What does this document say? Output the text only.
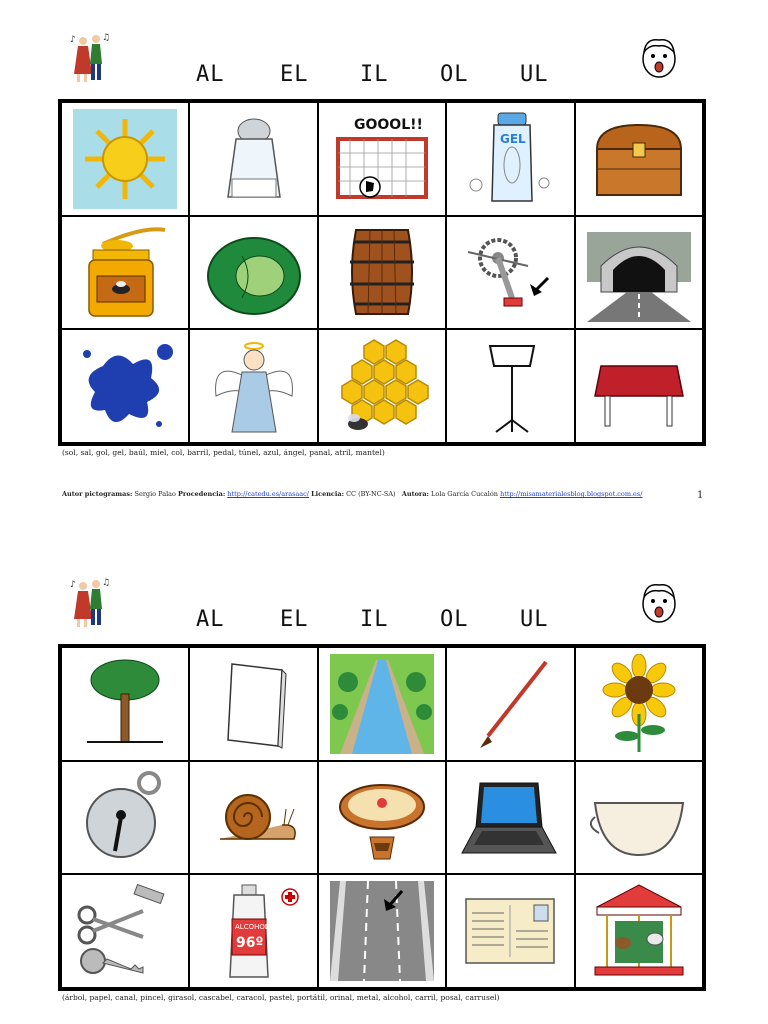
♪	♫
AL	EL	IL	OL	UL
GOOOL!!
GEL
(sol, sal, gol, gel, baúl, miel, col, barril, pedal, túnel, azul, ángel, panal, atril, mantel)
Autor pictogramas: Sergio Palao Procedencia: http://catedu.es/arasaac/ Licencia: CC (BY-NC-SA) Autora: Lola García Cucalón http://misamaterialesblog.blogspot.com.es/	1
♪	♫
AL	EL	IL	OL	UL
ALCOHOL
96º
(árbol, papel, canal, pincel, girasol, cascabel, caracol, pastel, portátil, orinal, metal, alcohol, carril, posal, carrusel)
